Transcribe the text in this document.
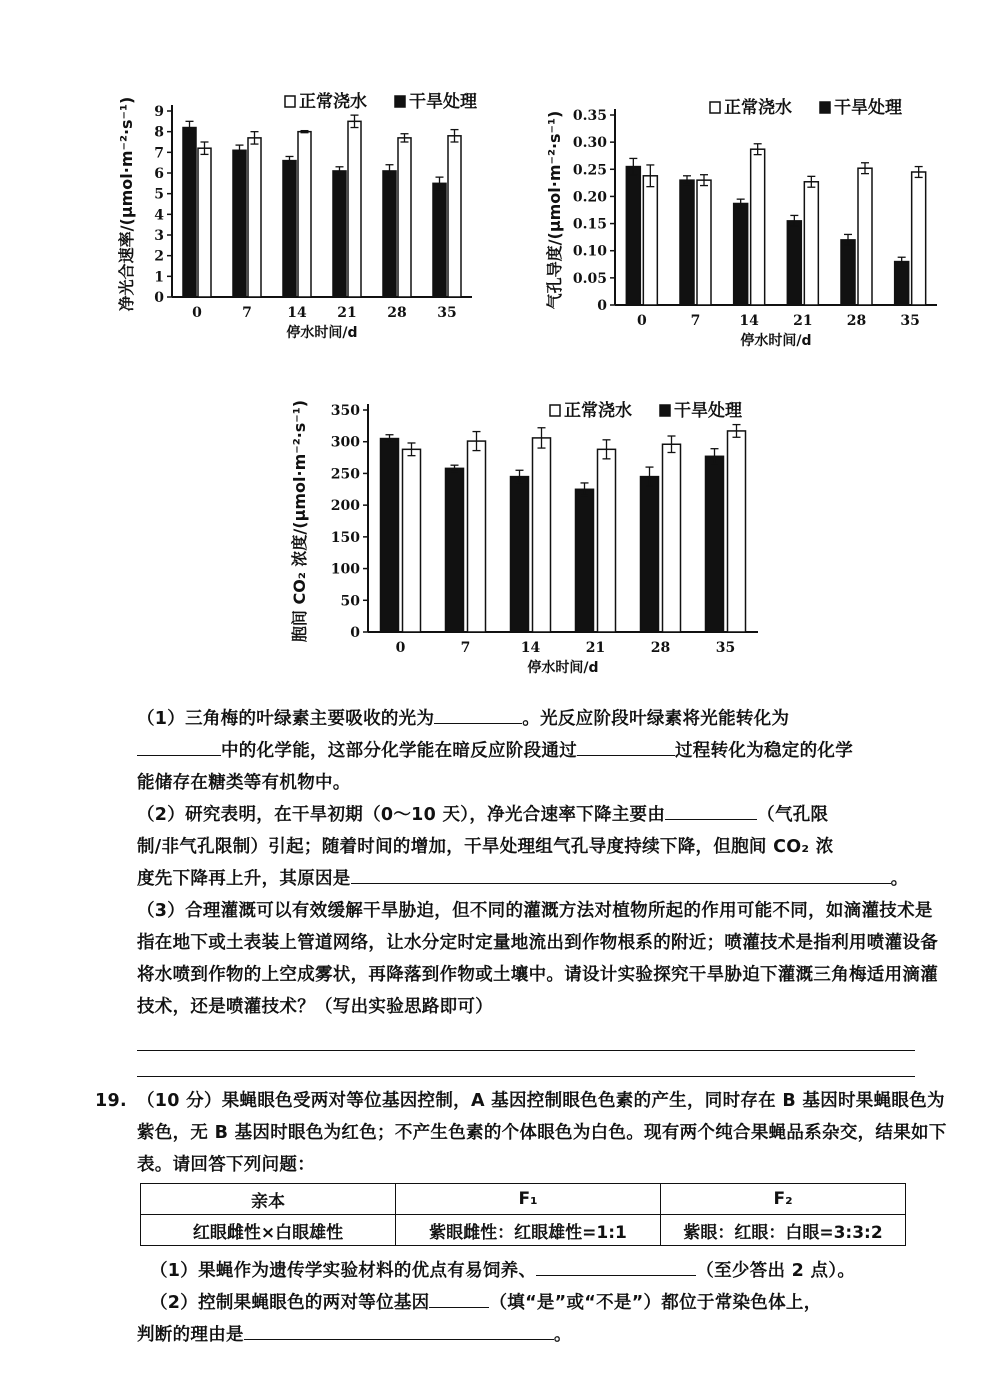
0
1
2
3
4
5
6
7
8
9
0	7	14 21 28 35
停水时间/d
净光合速率/(μmol·m⁻²·s⁻¹)	正常浇水 干旱处理
0
0.05
0.10
0.15
0.20
0.25
0.30
0.35
0	7	14 21 28 35
停水时间/d
气孔导度/(μmol·m⁻²·s⁻¹)
正常浇水 干旱处理
0
50
100
150
200
250
300
350
0	7	14	21	28	35
停水时间/d
胞间 CO₂ 浓度/(μmol·m⁻²·s⁻¹)	正常浇水 干旱处理
（1）三角梅的叶绿素主要吸收的光为	。光反应阶段叶绿素将光能转化为
中的化学能，这部分化学能在暗反应阶段通过	过程转化为稳定的化学
能储存在糖类等有机物中。
（2）研究表明，在干旱初期（0～10 天），净光合速率下降主要由	（气孔限
制/非气孔限制）引起；随着时间的增加，干旱处理组气孔导度持续下降，但胞间 CO₂ 浓
度先下降再上升，其原因是	。
（3）合理灌溉可以有效缓解干旱胁迫，但不同的灌溉方法对植物所起的作用可能不同，如滴灌技术是指在地下或土表装上管道网络，让水分定时定量地流出到作物根系的附近；喷灌技术是指利用喷灌设备将水喷到作物的上空成雾状，再降落到作物或土壤中。请设计实验探究干旱胁迫下灌溉三角梅适用滴灌技术，还是喷灌技术？（写出实验思路即可）
19. （10 分）果蝇眼色受两对等位基因控制，A 基因控制眼色色素的产生，同时存在 B 基因时果蝇眼色为紫色，无 B 基因时眼色为红色；不产生色素的个体眼色为白色。现有两个纯合果蝇品系杂交，结果如下表。请回答下列问题：
亲本	F₁	F₂
红眼雌性×白眼雄性	紫眼雌性：红眼雄性=1:1	紫眼：红眼：白眼=3:3:2
（1）果蝇作为遗传学实验材料的优点有易饲养、	（至少答出 2 点）。
（2）控制果蝇眼色的两对等位基因	（填“是”或“不是”）都位于常染色体上，
判断的理由是	。
